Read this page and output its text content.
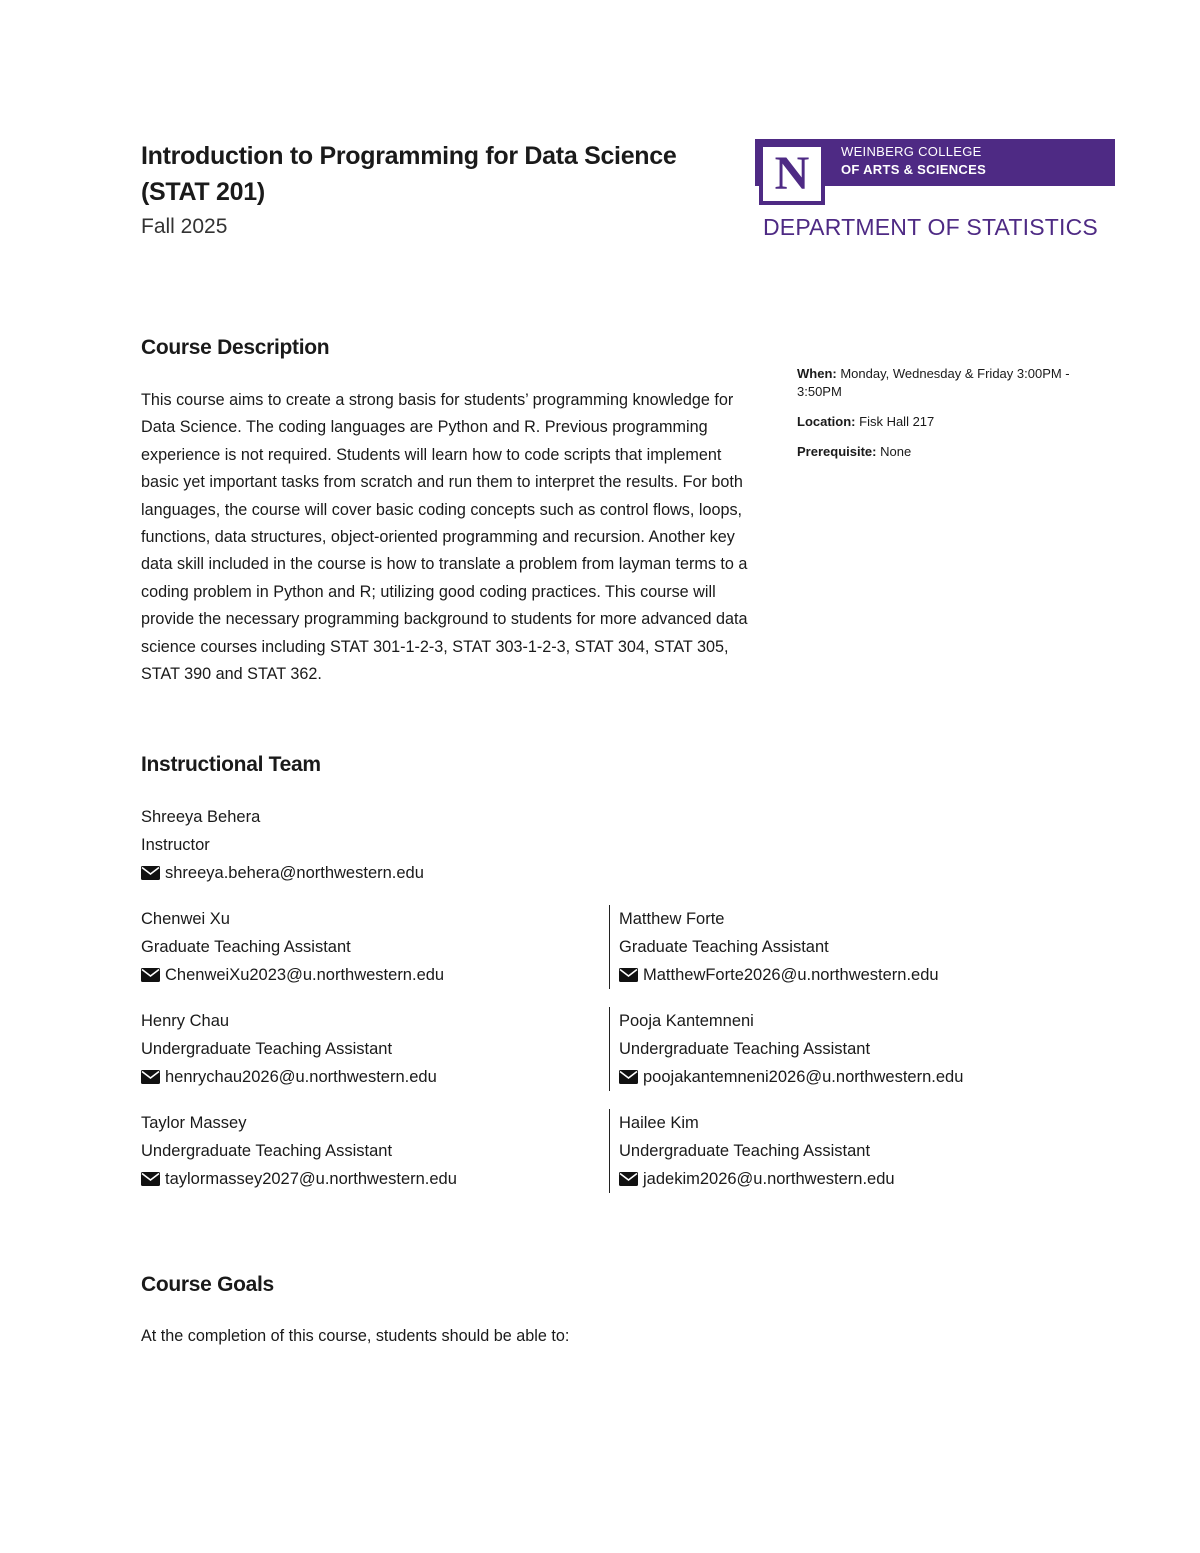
Introduction to Programming for Data Science
(STAT 201)
Fall 2025
N	WEINBERG COLLEGE
OF ARTS & SCIENCES
DEPARTMENT OF STATISTICS
Course Description
This course aims to create a strong basis for students’ programming knowledge for Data Science. The coding languages are Python and R. Previous programming experience is not required. Students will learn how to code scripts that implement basic yet important tasks from scratch and run them to interpret the results. For both languages, the course will cover basic coding concepts such as control flows, loops, functions, data structures, object-oriented programming and recursion. Another key data skill included in the course is how to translate a problem from layman terms to a coding problem in Python and R; utilizing good coding practices. This course will provide the necessary programming background to students for more advanced data science courses including STAT 301-1-2-3, STAT 303-1-2-3, STAT 304, STAT 305, STAT 390 and STAT 362.
When: Monday, Wednesday & Friday 3:00PM - 3:50PM
Location: Fisk Hall 217
Prerequisite: None
Instructional Team
Shreeya Behera
Instructor
shreeya.behera@northwestern.edu
Chenwei Xu
Graduate Teaching Assistant
ChenweiXu2023@u.northwestern.edu
Matthew Forte
Graduate Teaching Assistant
MatthewForte2026@u.northwestern.edu
Henry Chau
Undergraduate Teaching Assistant
henrychau2026@u.northwestern.edu
Pooja Kantemneni
Undergraduate Teaching Assistant
poojakantemneni2026@u.northwestern.edu
Taylor Massey
Undergraduate Teaching Assistant
taylormassey2027@u.northwestern.edu
Hailee Kim
Undergraduate Teaching Assistant
jadekim2026@u.northwestern.edu
Course Goals
At the completion of this course, students should be able to:
